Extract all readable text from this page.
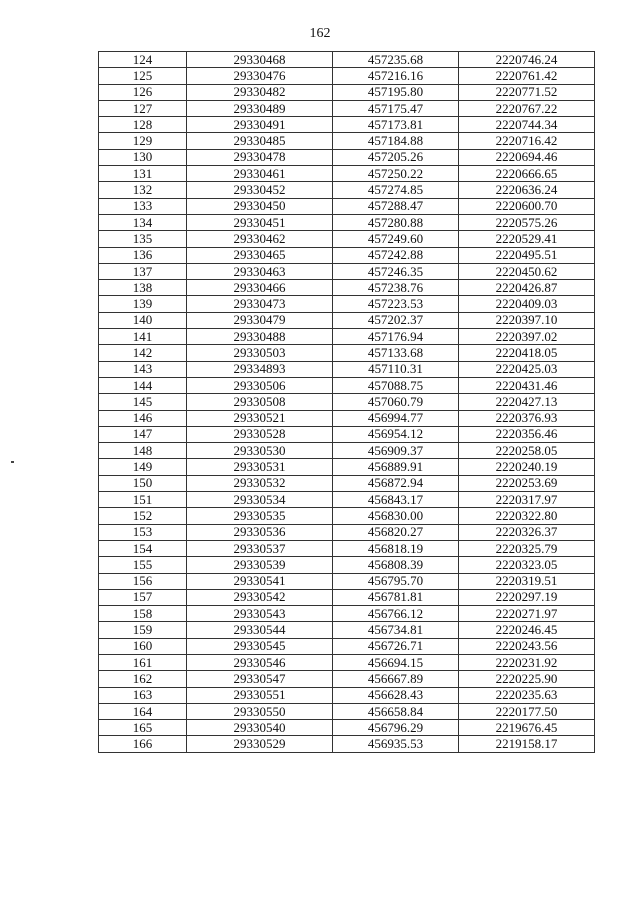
162
124	29330468	457235.68	2220746.24
125	29330476	457216.16	2220761.42
126	29330482	457195.80	2220771.52
127	29330489	457175.47	2220767.22
128	29330491	457173.81	2220744.34
129	29330485	457184.88	2220716.42
130	29330478	457205.26	2220694.46
131	29330461	457250.22	2220666.65
132	29330452	457274.85	2220636.24
133	29330450	457288.47	2220600.70
134	29330451	457280.88	2220575.26
135	29330462	457249.60	2220529.41
136	29330465	457242.88	2220495.51
137	29330463	457246.35	2220450.62
138	29330466	457238.76	2220426.87
139	29330473	457223.53	2220409.03
140	29330479	457202.37	2220397.10
141	29330488	457176.94	2220397.02
142	29330503	457133.68	2220418.05
143	29334893	457110.31	2220425.03
144	29330506	457088.75	2220431.46
145	29330508	457060.79	2220427.13
146	29330521	456994.77	2220376.93
147	29330528	456954.12	2220356.46
148	29330530	456909.37	2220258.05
149	29330531	456889.91	2220240.19
150	29330532	456872.94	2220253.69
151	29330534	456843.17	2220317.97
152	29330535	456830.00	2220322.80
153	29330536	456820.27	2220326.37
154	29330537	456818.19	2220325.79
155	29330539	456808.39	2220323.05
156	29330541	456795.70	2220319.51
157	29330542	456781.81	2220297.19
158	29330543	456766.12	2220271.97
159	29330544	456734.81	2220246.45
160	29330545	456726.71	2220243.56
161	29330546	456694.15	2220231.92
162	29330547	456667.89	2220225.90
163	29330551	456628.43	2220235.63
164	29330550	456658.84	2220177.50
165	29330540	456796.29	2219676.45
166	29330529	456935.53	2219158.17
